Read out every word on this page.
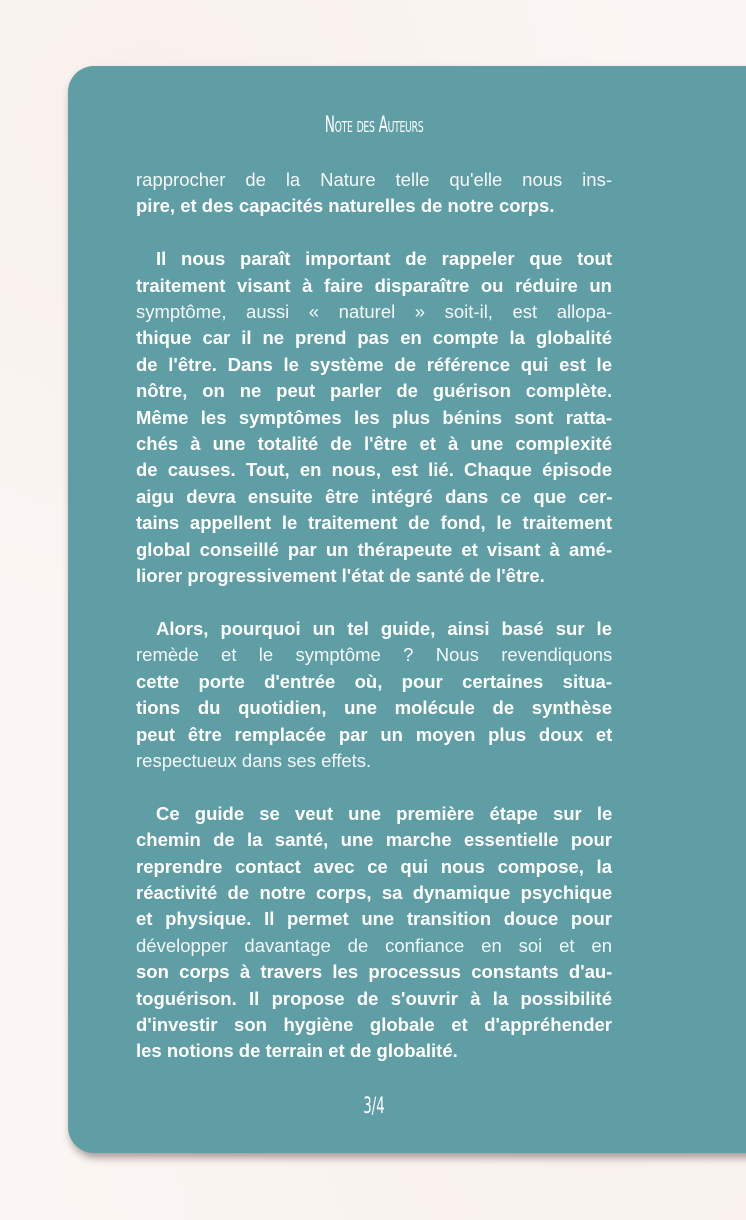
Note des Auteurs

rapprocher de la Nature telle qu'elle nous ins-
pire, et des capacités naturelles de notre corps.

Il nous paraît important de rappeler que tout
traitement visant à faire disparaître ou réduire un
symptôme, aussi « naturel » soit-il, est allopa-
thique car il ne prend pas en compte la globalité
de l'être. Dans le système de référence qui est le
nôtre, on ne peut parler de guérison complète.
Même les symptômes les plus bénins sont ratta-
chés à une totalité de l'être et à une complexité
de causes. Tout, en nous, est lié. Chaque épisode
aigu devra ensuite être intégré dans ce que cer-
tains appellent le traitement de fond, le traitement
global conseillé par un thérapeute et visant à amé-
liorer progressivement l'état de santé de l'être.

Alors, pourquoi un tel guide, ainsi basé sur le
remède et le symptôme ? Nous revendiquons
cette porte d'entrée où, pour certaines situa-
tions du quotidien, une molécule de synthèse
peut être remplacée par un moyen plus doux et
respectueux dans ses effets.

Ce guide se veut une première étape sur le
chemin de la santé, une marche essentielle pour
reprendre contact avec ce qui nous compose, la
réactivité de notre corps, sa dynamique psychique
et physique. Il permet une transition douce pour
développer davantage de confiance en soi et en
son corps à travers les processus constants d'au-
toguérison. Il propose de s'ouvrir à la possibilité
d'investir son hygiène globale et d'appréhender
les notions de terrain et de globalité.

3/4
